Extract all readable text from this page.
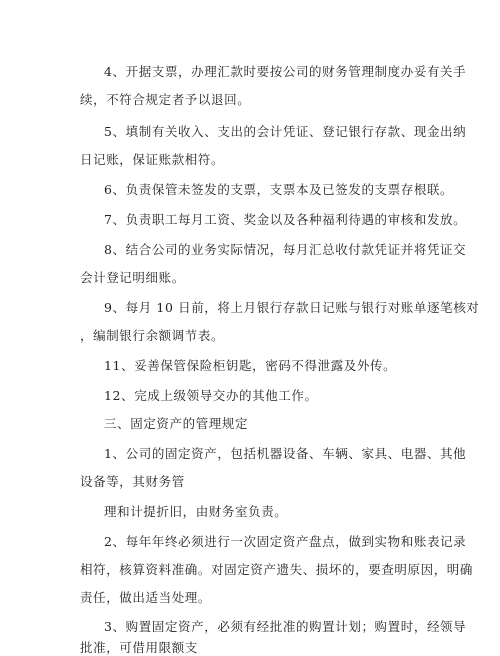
4、开据支票，办理汇款时要按公司的财务管理制度办妥有关手
续，不符合规定者予以退回。
5、填制有关收入、支出的会计凭证、登记银行存款、现金出纳
日记账，保证账款相符。
6、负责保管未签发的支票，支票本及已签发的支票存根联。
7、负责职工每月工资、奖金以及各种福利待遇的审核和发放。
8、结合公司的业务实际情况，每月汇总收付款凭证并将凭证交
会计登记明细账。
9、每月 10 日前，将上月银行存款日记账与银行对账单逐笔核对
，编制银行余额调节表。
11、妥善保管保险柜钥匙，密码不得泄露及外传。
12、完成上级领导交办的其他工作。
三、固定资产的管理规定
1、公司的固定资产，包括机器设备、车辆、家具、电器、其他
设备等，其财务管
理和计提折旧，由财务室负责。
2、每年年终必须进行一次固定资产盘点，做到实物和账表记录
相符，核算资料准确。对固定资产遗失、损坏的，要查明原因，明确
责任，做出适当处理。
3、购置固定资产，必须有经批准的购置计划；购置时，经领导
批准，可借用限额支
